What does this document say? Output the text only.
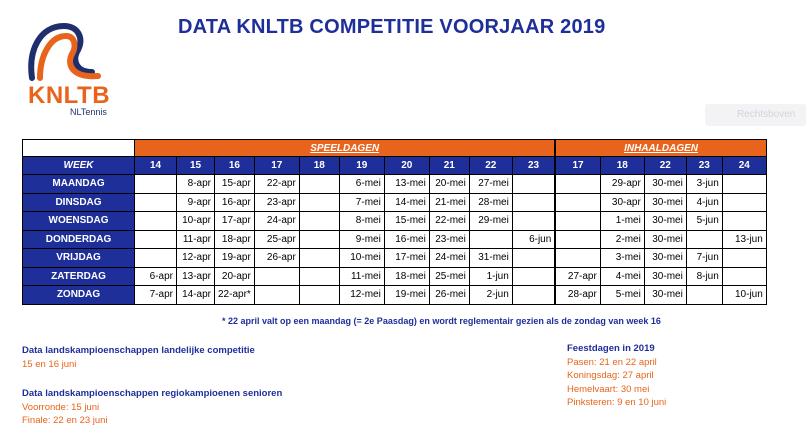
KNLTB
NLTennis
DATA KNLTB COMPETITIE VOORJAAR 2019
Rechtsboven
	SPEELDAGEN										INHAALDAGEN				
WEEK	14	15	16	17	18	19	20	21	22	23	17	18	22	23	24
MAANDAG		8-apr	15-apr	22-apr		6-mei	13-mei	20-mei	27-mei			29-apr	30-mei	3-jun	
DINSDAG		9-apr	16-apr	23-apr		7-mei	14-mei	21-mei	28-mei			30-apr	30-mei	4-jun	
WOENSDAG		10-apr	17-apr	24-apr		8-mei	15-mei	22-mei	29-mei			1-mei	30-mei	5-jun	
DONDERDAG		11-apr	18-apr	25-apr		9-mei	16-mei	23-mei		6-jun		2-mei	30-mei		13-jun
VRIJDAG		12-apr	19-apr	26-apr		10-mei	17-mei	24-mei	31-mei			3-mei	30-mei	7-jun	
ZATERDAG	6-apr	13-apr	20-apr			11-mei	18-mei	25-mei	1-jun		27-apr	4-mei	30-mei	8-jun	
ZONDAG	7-apr	14-apr	22-apr*			12-mei	19-mei	26-mei	2-jun		28-apr	5-mei	30-mei		10-jun
* 22 april valt op een maandag (= 2e Paasdag) en wordt reglementair gezien als de zondag van week 16
Data landskampioenschappen landelijke competitie
15 en 16 juni
Data landskampioenschappen regiokampioenen senioren
Voorronde: 15 juni
Finale: 22 en 23 juni
Feestdagen in 2019
Pasen: 21 en 22 april
Koningsdag: 27 april
Hemelvaart: 30 mei
Pinksteren: 9 en 10 juni
